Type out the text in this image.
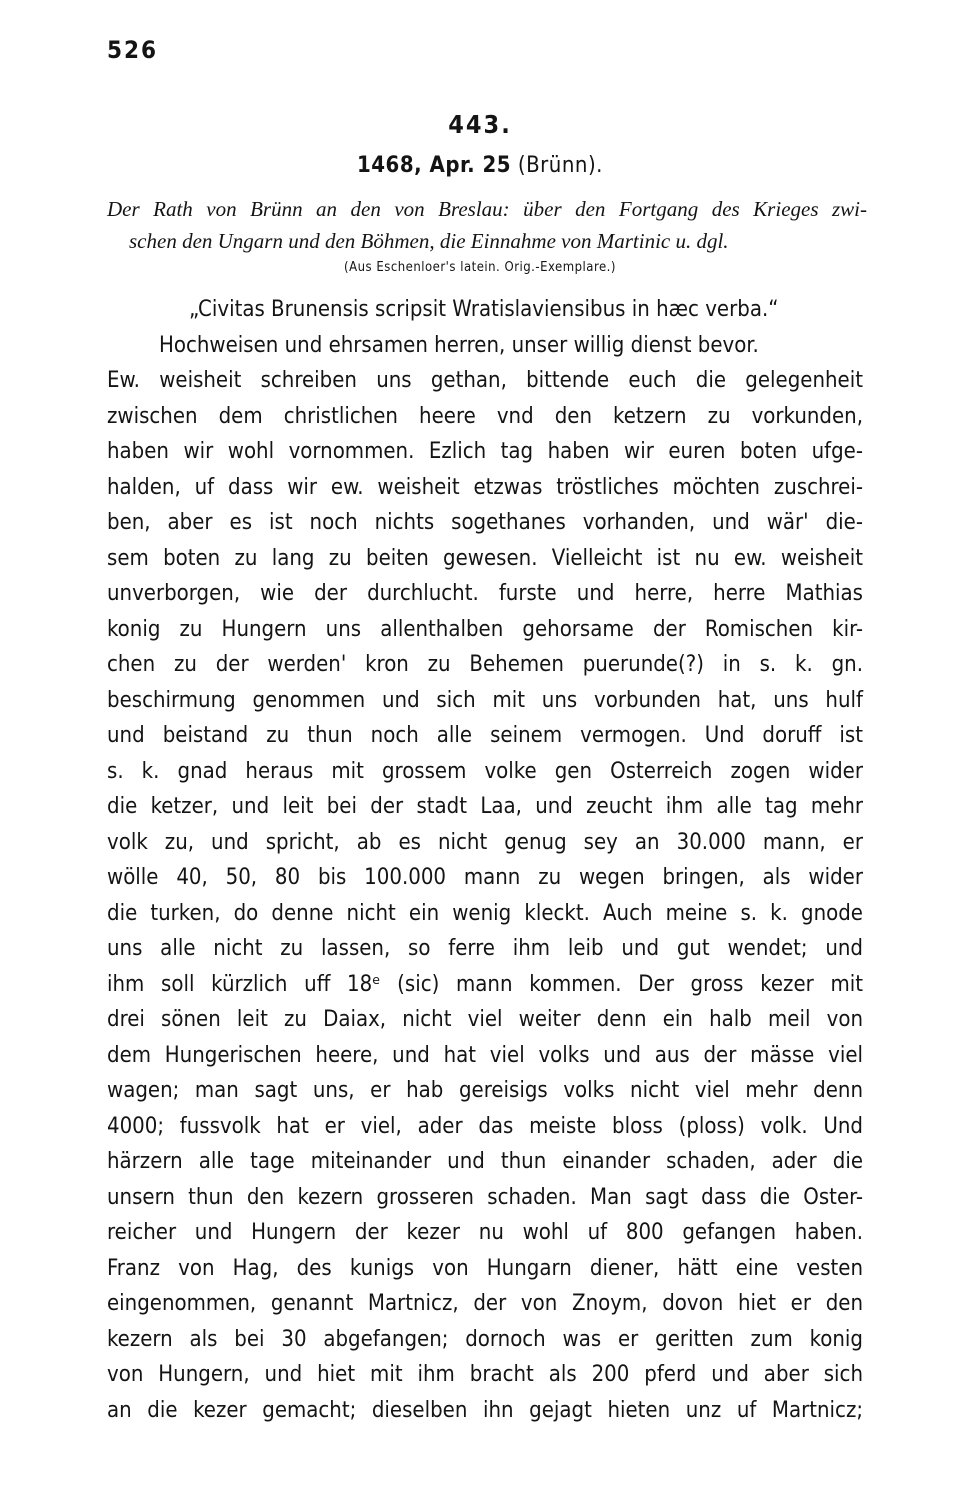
526
443.
1468, Apr. 25 (Brünn).
Der Rath von Brünn an den von Breslau: über den Fortgang des Krieges zwi-
schen den Ungarn und den Böhmen, die Einnahme von Martinic u. dgl.
(Aus Eschenloer's latein. Orig.-Exemplare.)
„Civitas Brunensis scripsit Wratislaviensibus in hæc verba.“
Hochweisen und ehrsamen herren, unser willig dienst bevor.
Ew. weisheit schreiben uns gethan, bittende euch die gelegenheit
zwischen dem christlichen heere vnd den ketzern zu vorkunden,
haben wir wohl vornommen. Ezlich tag haben wir euren boten ufge-
halden, uf dass wir ew. weisheit etzwas tröstliches möchten zuschrei-
ben, aber es ist noch nichts sogethanes vorhanden, und wär' die-
sem boten zu lang zu beiten gewesen. Vielleicht ist nu ew. weisheit
unverborgen, wie der durchlucht. furste und herre, herre Mathias
konig zu Hungern uns allenthalben gehorsame der Romischen kir-
chen zu der werden' kron zu Behemen puerunde(?) in s. k. gn.
beschirmung genommen und sich mit uns vorbunden hat, uns hulf
und beistand zu thun noch alle seinem vermogen. Und doruff ist
s. k. gnad heraus mit grossem volke gen Osterreich zogen wider
die ketzer, und leit bei der stadt Laa, und zeucht ihm alle tag mehr
volk zu, und spricht, ab es nicht genug sey an 30.000 mann, er
wölle 40, 50, 80 bis 100.000 mann zu wegen bringen, als wider
die turken, do denne nicht ein wenig kleckt. Auch meine s. k. gnode
uns alle nicht zu lassen, so ferre ihm leib und gut wendet; und
ihm soll kürzlich uff 18ᵉ (sic) mann kommen. Der gross kezer mit
drei sönen leit zu Daiax, nicht viel weiter denn ein halb meil von
dem Hungerischen heere, und hat viel volks und aus der mässe viel
wagen; man sagt uns, er hab gereisigs volks nicht viel mehr denn
4000; fussvolk hat er viel, ader das meiste bloss (ploss) volk. Und
härzern alle tage miteinander und thun einander schaden, ader die
unsern thun den kezern grosseren schaden. Man sagt dass die Oster-
reicher und Hungern der kezer nu wohl uf 800 gefangen haben.
Franz von Hag, des kunigs von Hungarn diener, hätt eine vesten
eingenommen, genannt Martnicz, der von Znoym, dovon hiet er den
kezern als bei 30 abgefangen; dornoch was er geritten zum konig
von Hungern, und hiet mit ihm bracht als 200 pferd und aber sich
an die kezer gemacht; dieselben ihn gejagt hieten unz uf Martnicz;
